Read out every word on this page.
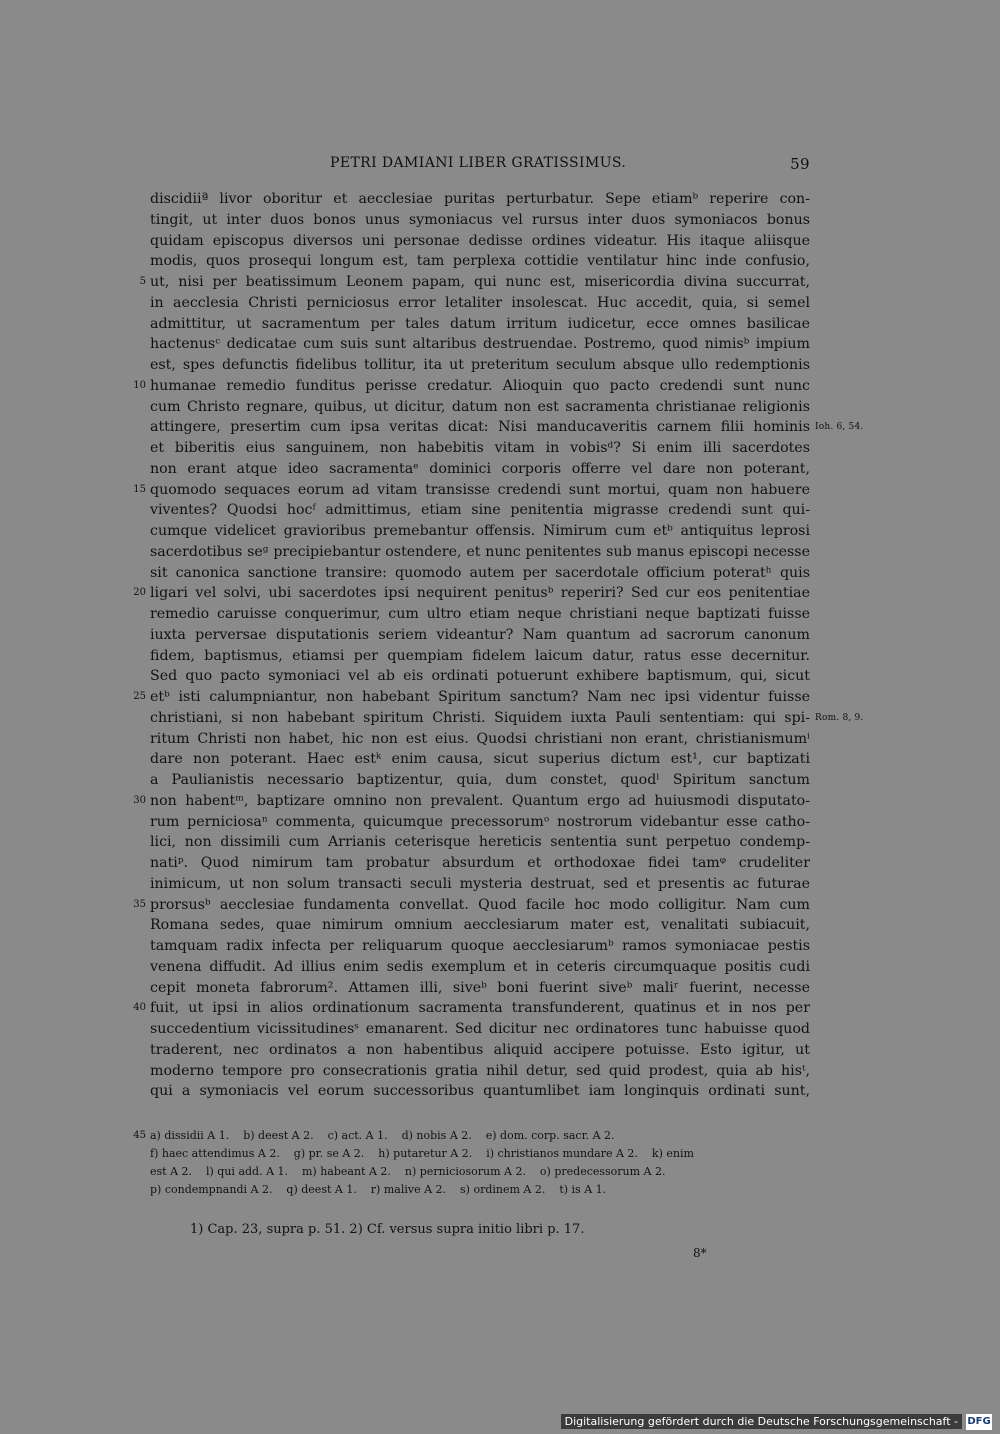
PETRI DAMIANI LIBER GRATISSIMUS.	59
discidiiª livor oboritur et aecclesiae puritas perturbatur. Sepe etiamᵇ reperire con-
tingit, ut inter duos bonos unus symoniacus vel rursus inter duos symoniacos bonus
quidam episcopus diversos uni personae dedisse ordines videatur. His itaque aliisque
modis, quos prosequi longum est, tam perplexa cottidie ventilatur hinc inde confusio,
5 ut, nisi per beatissimum Leonem papam, qui nunc est, misericordia divina succurrat,
in aecclesia Christi perniciosus error letaliter insolescat. Huc accedit, quia, si semel
admittitur, ut sacramentum per tales datum irritum iudicetur, ecce omnes basilicae
hactenusᶜ dedicatae cum suis sunt altaribus destruendae. Postremo, quod nimisᵇ impium
est, spes defunctis fidelibus tollitur, ita ut preteritum seculum absque ullo redemptionis
10 humanae remedio funditus perisse credatur. Alioquin quo pacto credendi sunt nunc
cum Christo regnare, quibus, ut dicitur, datum non est sacramenta christianae religionis
attingere, presertim cum ipsa veritas dicat: Nisi manducaveritis carnem filii hominis Ioh. 6, 54.
et biberitis eius sanguinem, non habebitis vitam in vobisᵈ? Si enim illi sacerdotes
non erant atque ideo sacramentaᵉ dominici corporis offerre vel dare non poterant,
15 quomodo sequaces eorum ad vitam transisse credendi sunt mortui, quam non habuere
viventes? Quodsi hocᶠ admittimus, etiam sine penitentia migrasse credendi sunt qui-
cumque videlicet gravioribus premebantur offensis. Nimirum cum etᵇ antiquitus leprosi
sacerdotibus seᵍ precipiebantur ostendere, et nunc penitentes sub manus episcopi necesse
sit canonica sanctione transire: quomodo autem per sacerdotale officium poteratʰ quis
20 ligari vel solvi, ubi sacerdotes ipsi nequirent penitusᵇ reperiri? Sed cur eos penitentiae
remedio caruisse conquerimur, cum ultro etiam neque christiani neque baptizati fuisse
iuxta perversae disputationis seriem videantur? Nam quantum ad sacrorum canonum
fidem, baptismus, etiamsi per quempiam fidelem laicum datur, ratus esse decernitur.
Sed quo pacto symoniaci vel ab eis ordinati potuerunt exhibere baptismum, qui, sicut
25 etᵇ isti calumpniantur, non habebant Spiritum sanctum? Nam nec ipsi videntur fuisse
christiani, si non habebant spiritum Christi. Siquidem iuxta Pauli sententiam: qui spi- Rom. 8, 9.
ritum Christi non habet, hic non est eius. Quodsi christiani non erant, christianismumⁱ
dare non poterant. Haec estᵏ enim causa, sicut superius dictum est¹, cur baptizati
a Paulianistis necessario baptizentur, quia, dum constet, quodˡ Spiritum sanctum
30 non habentᵐ, baptizare omnino non prevalent. Quantum ergo ad huiusmodi disputato-
rum perniciosaⁿ commenta, quicumque precessorumᵒ nostrorum videbantur esse catho-
lici, non dissimili cum Arrianis ceterisque hereticis sententia sunt perpetuo condemp-
natiᵖ. Quod nimirum tam probatur absurdum et orthodoxae fidei tamᵠ crudeliter
inimicum, ut non solum transacti seculi mysteria destruat, sed et presentis ac futurae
35 prorsusᵇ aecclesiae fundamenta convellat. Quod facile hoc modo colligitur. Nam cum
Romana sedes, quae nimirum omnium aecclesiarum mater est, venalitati subiacuit,
tamquam radix infecta per reliquarum quoque aecclesiarumᵇ ramos symoniacae pestis
venena diffudit. Ad illius enim sedis exemplum et in ceteris circumquaque positis cudi
cepit moneta fabrorum². Attamen illi, siveᵇ boni fuerint siveᵇ maliʳ fuerint, necesse
40 fuit, ut ipsi in alios ordinationum sacramenta transfunderent, quatinus et in nos per
succedentium vicissitudinesˢ emanarent. Sed dicitur nec ordinatores tunc habuisse quod
traderent, nec ordinatos a non habentibus aliquid accipere potuisse. Esto igitur, ut
moderno tempore pro consecrationis gratia nihil detur, sed quid prodest, quia ab hisᵗ,
qui a symoniacis vel eorum successoribus quantumlibet iam longinquis ordinati sunt,
45 a) dissidii A 1.    b) deest A 2.    c) act. A 1.    d) nobis A 2.    e) dom. corp. sacr. A 2.
f) haec attendimus A 2.    g) pr. se A 2.    h) putaretur A 2.    i) christianos mundare A 2.    k) enim
est A 2.    l) qui add. A 1.    m) habeant A 2.    n) perniciosorum A 2.    o) predecessorum A 2.
p) condempnandi A 2.    q) deest A 1.    r) malive A 2.    s) ordinem A 2.    t) is A 1.
1) Cap. 23, supra p. 51. 2) Cf. versus supra initio libri p. 17.
8*
Digitalisierung gefördert durch die Deutsche Forschungsgemeinschaft - DFG
